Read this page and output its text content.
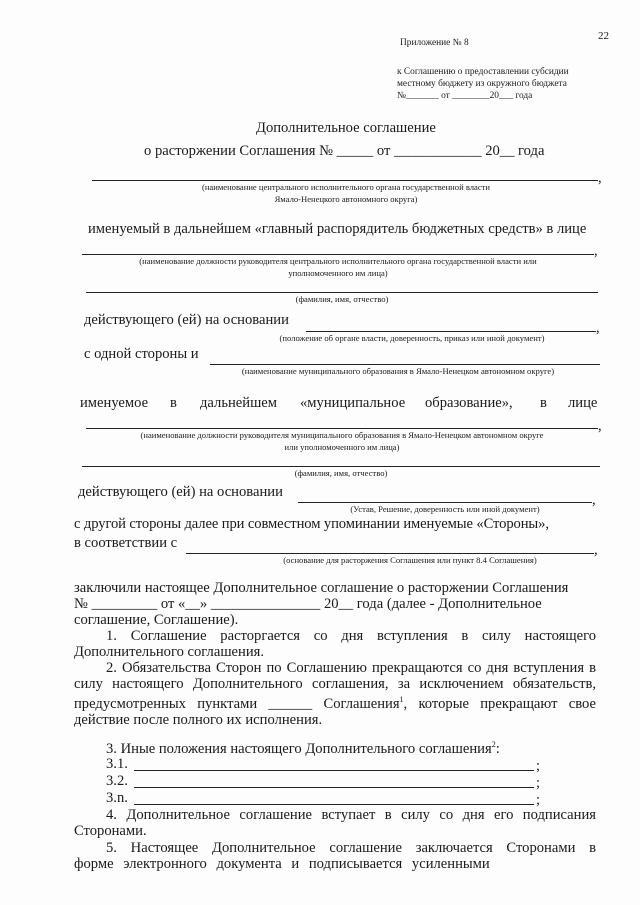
22
Приложение № 8
к Соглашению о предоставлении субсидии
местному бюджету из окружного бюджета
№_______ от ________20___ года
Дополнительное соглашение
о расторжении Соглашения № _____ от ____________ 20__ года
,
(наименование центрального исполнительного органа государственной власти
Ямало-Ненецкого автономного округа)
именуемый в дальнейшем «главный распорядитель бюджетных средств» в лице
,
(наименование должности руководителя центрального исполнительного органа государственной власти или
уполномоченного им лица)
(фамилия, имя, отчество)
действующего (ей) на основании	,
(положение об органе власти, доверенность, приказ или иной документ)
с одной стороны и
(наименование муниципального образования в Ямало-Ненецком автономном округе)
именуемое в дальнейшем «муниципальное образование», в лице
,
(наименование должности руководителя муниципального образования в Ямало-Ненецком автономном округе
или уполномоченного им лица)
(фамилия, имя, отчество)
действующего (ей) на основании	,
(Устав, Решение, доверенность или иной документ)
с другой стороны далее при совместном упоминании именуемые «Стороны»,
в соответствии с	,
(основание для расторжения Соглашения или пункт 8.4 Соглашения)
заключили настоящее Дополнительное соглашение о расторжении Соглашения
№ _________ от «__» _______________ 20__ года (далее - Дополнительное
соглашение, Соглашение).
1. Соглашение расторгается со дня вступления в силу настоящего Дополнительного соглашения.
2. Обязательства Сторон по Соглашению прекращаются со дня вступления в силу настоящего Дополнительного соглашения, за исключением обязательств, предусмотренных пунктами ______ Соглашения$^1$, которые прекращают свое действие после полного их исполнения.
3. Иные положения настоящего Дополнительного соглашения$^2$:
3.1.	;
3.2.	;
3.n.	;
4. Дополнительное соглашение вступает в силу со дня его подписания Сторонами.
5. Настоящее Дополнительное соглашение заключается Сторонами в форме электронного документа и подписывается усиленными
